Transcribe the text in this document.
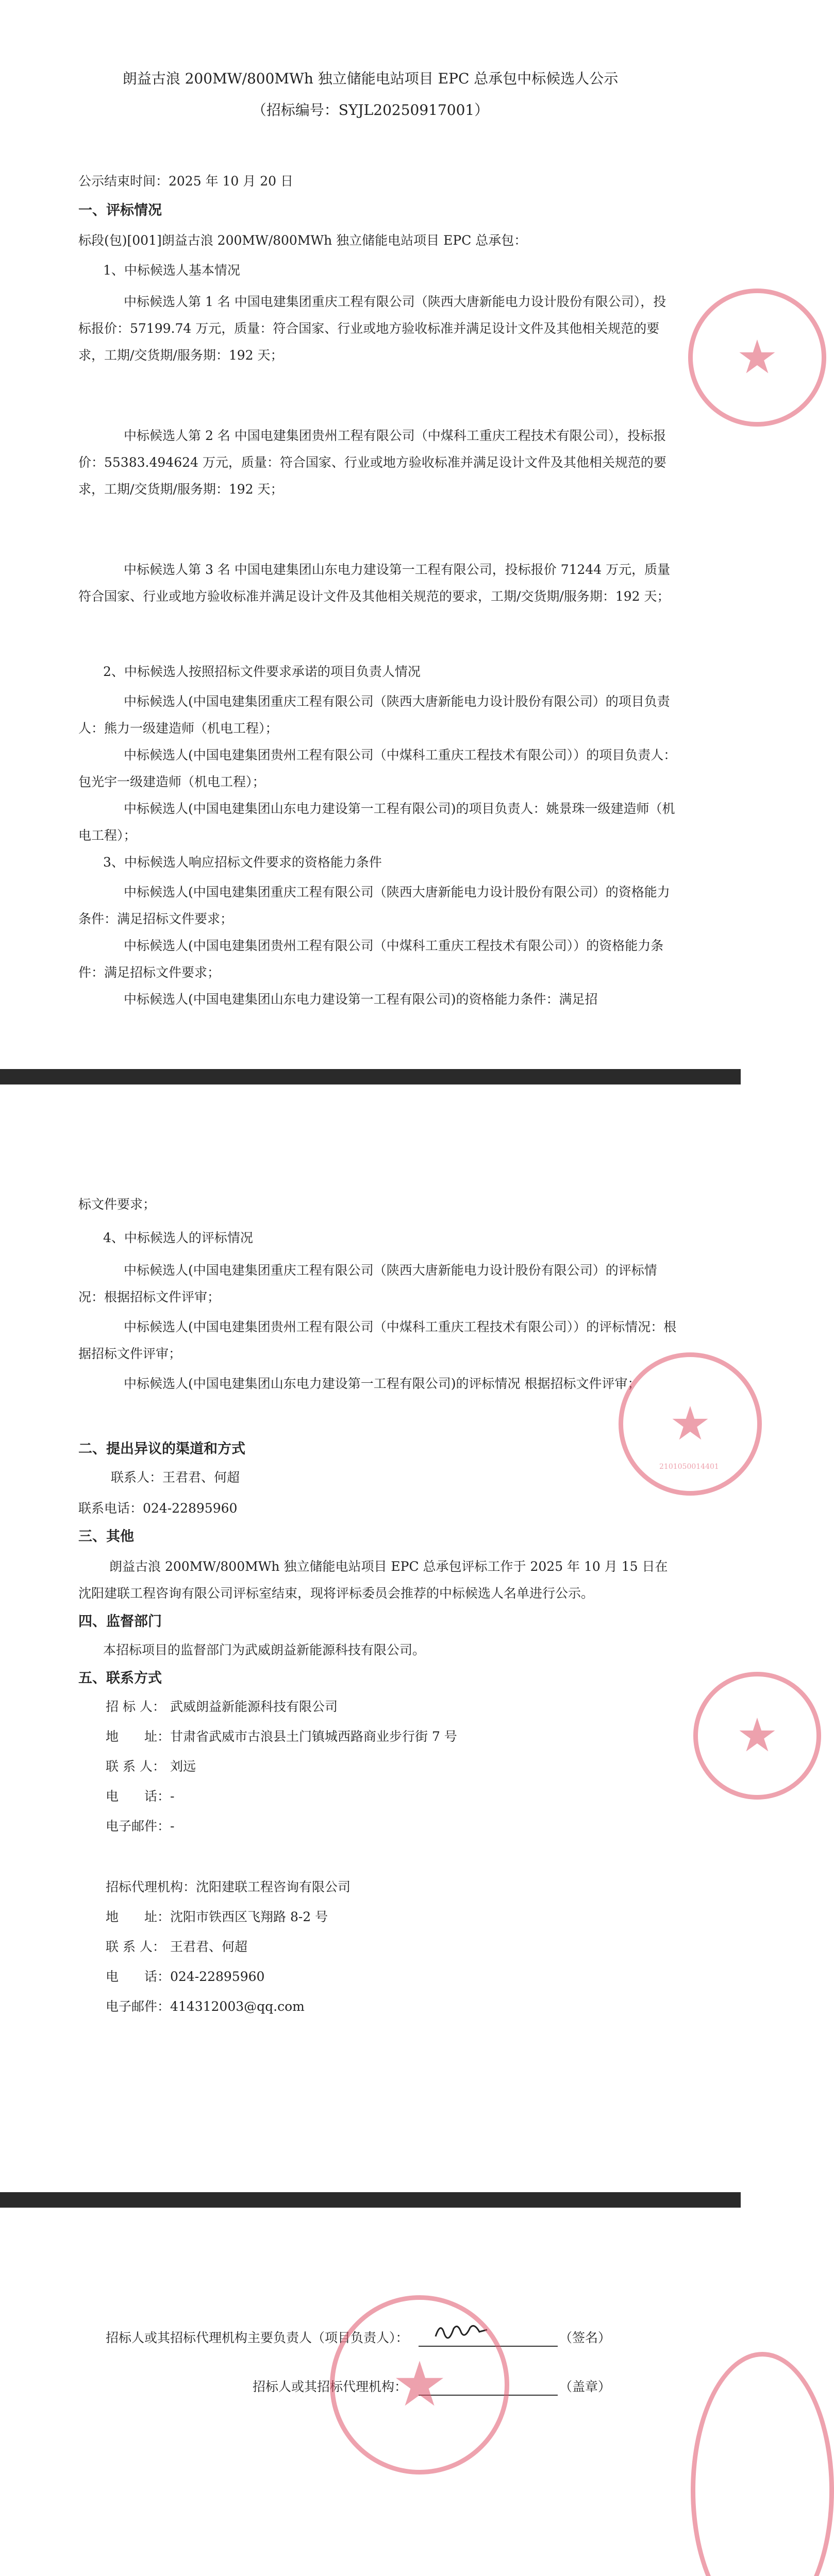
朗益古浪 200MW/800MWh 独立储能电站项目 EPC 总承包中标候选人公示
（招标编号：SYJL20250917001）
公示结束时间：2025 年 10 月 20 日
一、评标情况
标段(包)[001]朗益古浪 200MW/800MWh 独立储能电站项目 EPC 总承包：
1、中标候选人基本情况
中标候选人第 1 名 中国电建集团重庆工程有限公司（陕西大唐新能电力设计股份有限公司），投标报价：57199.74 万元，质量：符合国家、行业或地方验收标准并满足设计文件及其他相关规范的要求，工期/交货期/服务期：192 天；
中标候选人第 2 名 中国电建集团贵州工程有限公司（中煤科工重庆工程技术有限公司），投标报价：55383.494624 万元，质量：符合国家、行业或地方验收标准并满足设计文件及其他相关规范的要求，工期/交货期/服务期：192 天；
中标候选人第 3 名 中国电建集团山东电力建设第一工程有限公司，投标报价 71244 万元，质量 符合国家、行业或地方验收标准并满足设计文件及其他相关规范的要求，工期/交货期/服务期：192 天；
2、中标候选人按照招标文件要求承诺的项目负责人情况
中标候选人(中国电建集团重庆工程有限公司（陕西大唐新能电力设计股份有限公司）的项目负责人：熊力一级建造师（机电工程）；
中标候选人(中国电建集团贵州工程有限公司（中煤科工重庆工程技术有限公司））的项目负责人：包光宇一级建造师（机电工程）；
中标候选人(中国电建集团山东电力建设第一工程有限公司)的项目负责人：姚景珠一级建造师（机电工程）；
3、中标候选人响应招标文件要求的资格能力条件
中标候选人(中国电建集团重庆工程有限公司（陕西大唐新能电力设计股份有限公司）的资格能力条件：满足招标文件要求；
中标候选人(中国电建集团贵州工程有限公司（中煤科工重庆工程技术有限公司））的资格能力条件：满足招标文件要求；
中标候选人(中国电建集团山东电力建设第一工程有限公司)的资格能力条件：满足招
★
标文件要求；
4、中标候选人的评标情况
中标候选人(中国电建集团重庆工程有限公司（陕西大唐新能电力设计股份有限公司）的评标情况：根据招标文件评审；
中标候选人(中国电建集团贵州工程有限公司（中煤科工重庆工程技术有限公司））的评标情况：根据招标文件评审；
中标候选人(中国电建集团山东电力建设第一工程有限公司)的评标情况 根据招标文件评审；
二、提出异议的渠道和方式
联系人：王君君、何超
联系电话：024-22895960
三、其他
朗益古浪 200MW/800MWh 独立储能电站项目 EPC 总承包评标工作于 2025 年 10 月 15 日在沈阳建联工程咨询有限公司评标室结束，现将评标委员会推荐的中标候选人名单进行公示。
四、监督部门
本招标项目的监督部门为武威朗益新能源科技有限公司。
五、联系方式
招 标 人： 武威朗益新能源科技有限公司
地　　址： 甘肃省武威市古浪县土门镇城西路商业步行街 7 号
联 系 人： 刘远
电　　话： -
电子邮件： -
招标代理机构： 沈阳建联工程咨询有限公司
地　　址： 沈阳市铁西区飞翔路 8-2 号
联 系 人： 王君君、何超
电　　话： 024-22895960
电子邮件： 414312003@qq.com
★
2101050014401
★
招标人或其招标代理机构主要负责人（项目负责人）：	（签名）
招标人或其招标代理机构：	（盖章）
★
